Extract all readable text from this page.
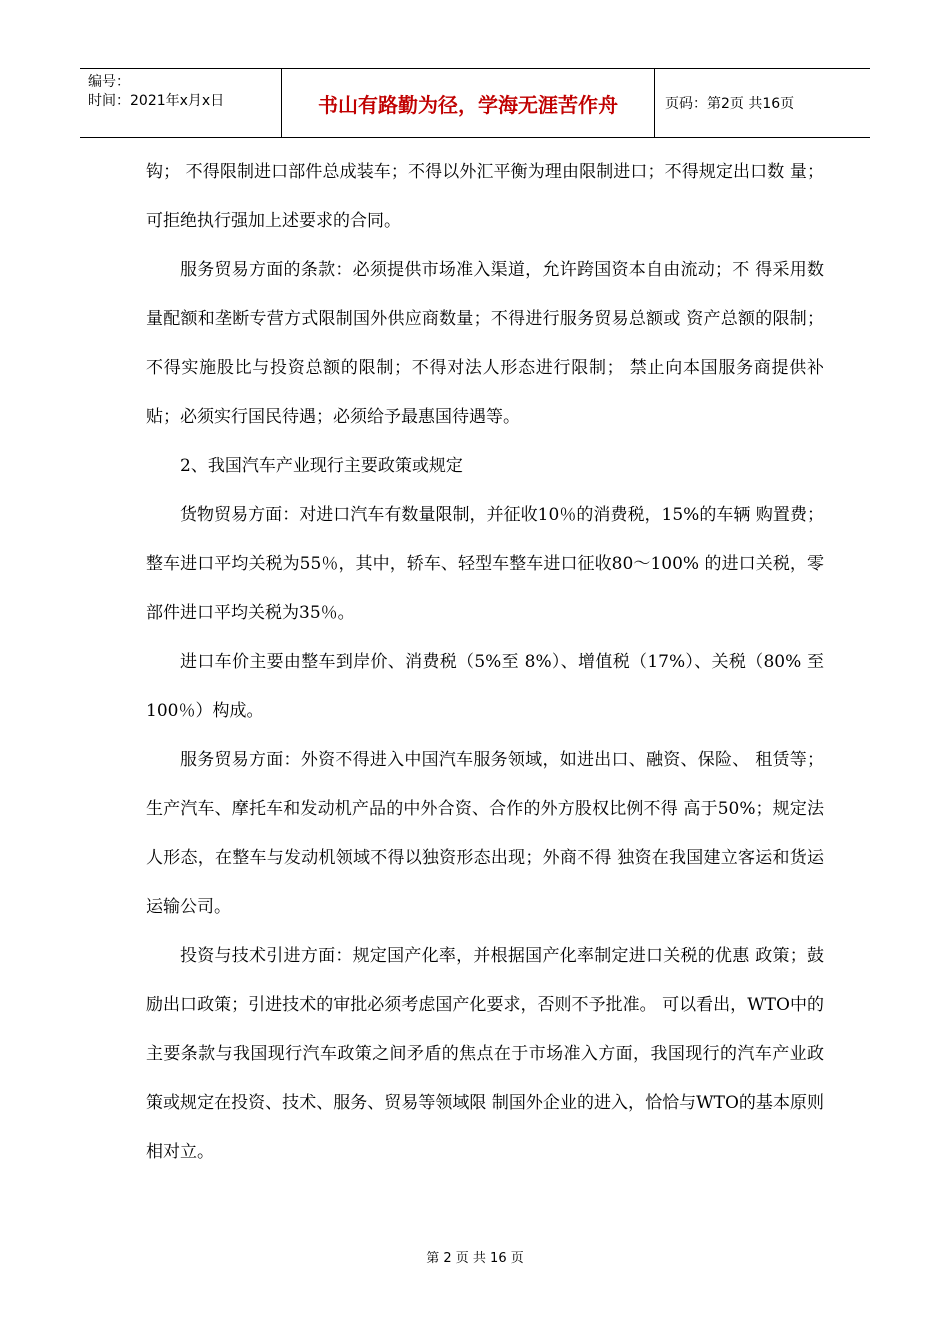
编号：
时间：2021年x月x日	书山有路勤为径，学海无涯苦作舟	页码：第2页 共16页

钩； 不得限制进口部件总成装车；不得以外汇平衡为理由限制进口；不得规定出口数 量；可拒绝执行强加上述要求的合同。

服务贸易方面的条款：必须提供市场准入渠道，允许跨国资本自由流动；不 得采用数量配额和垄断专营方式限制国外供应商数量；不得进行服务贸易总额或 资产总额的限制；不得实施股比与投资总额的限制；不得对法人形态进行限制； 禁止向本国服务商提供补贴；必须实行国民待遇；必须给予最惠国待遇等。

2、我国汽车产业现行主要政策或规定

货物贸易方面：对进口汽车有数量限制，并征收10％的消费税，15%的车辆 购置费；整车进口平均关税为55％，其中，轿车、轻型车整车进口征收80～100% 的进口关税，零部件进口平均关税为35％。

进口车价主要由整车到岸价、消费税（5%至 8%）、增值税（17%）、关税（80% 至 100％）构成。

服务贸易方面：外资不得进入中国汽车服务领域，如进出口、融资、保险、 租赁等；生产汽车、摩托车和发动机产品的中外合资、合作的外方股权比例不得 高于50%；规定法人形态，在整车与发动机领域不得以独资形态出现；外商不得 独资在我国建立客运和货运运输公司。

投资与技术引进方面：规定国产化率，并根据国产化率制定进口关税的优惠 政策；鼓励出口政策；引进技术的审批必须考虑国产化要求，否则不予批准。 可以看出，WTO中的主要条款与我国现行汽车政策之间矛盾的焦点在于市场准入方面，我国现行的汽车产业政策或规定在投资、技术、服务、贸易等领域限 制国外企业的进入，恰恰与WTO的基本原则相对立。

第 2 页 共 16 页
